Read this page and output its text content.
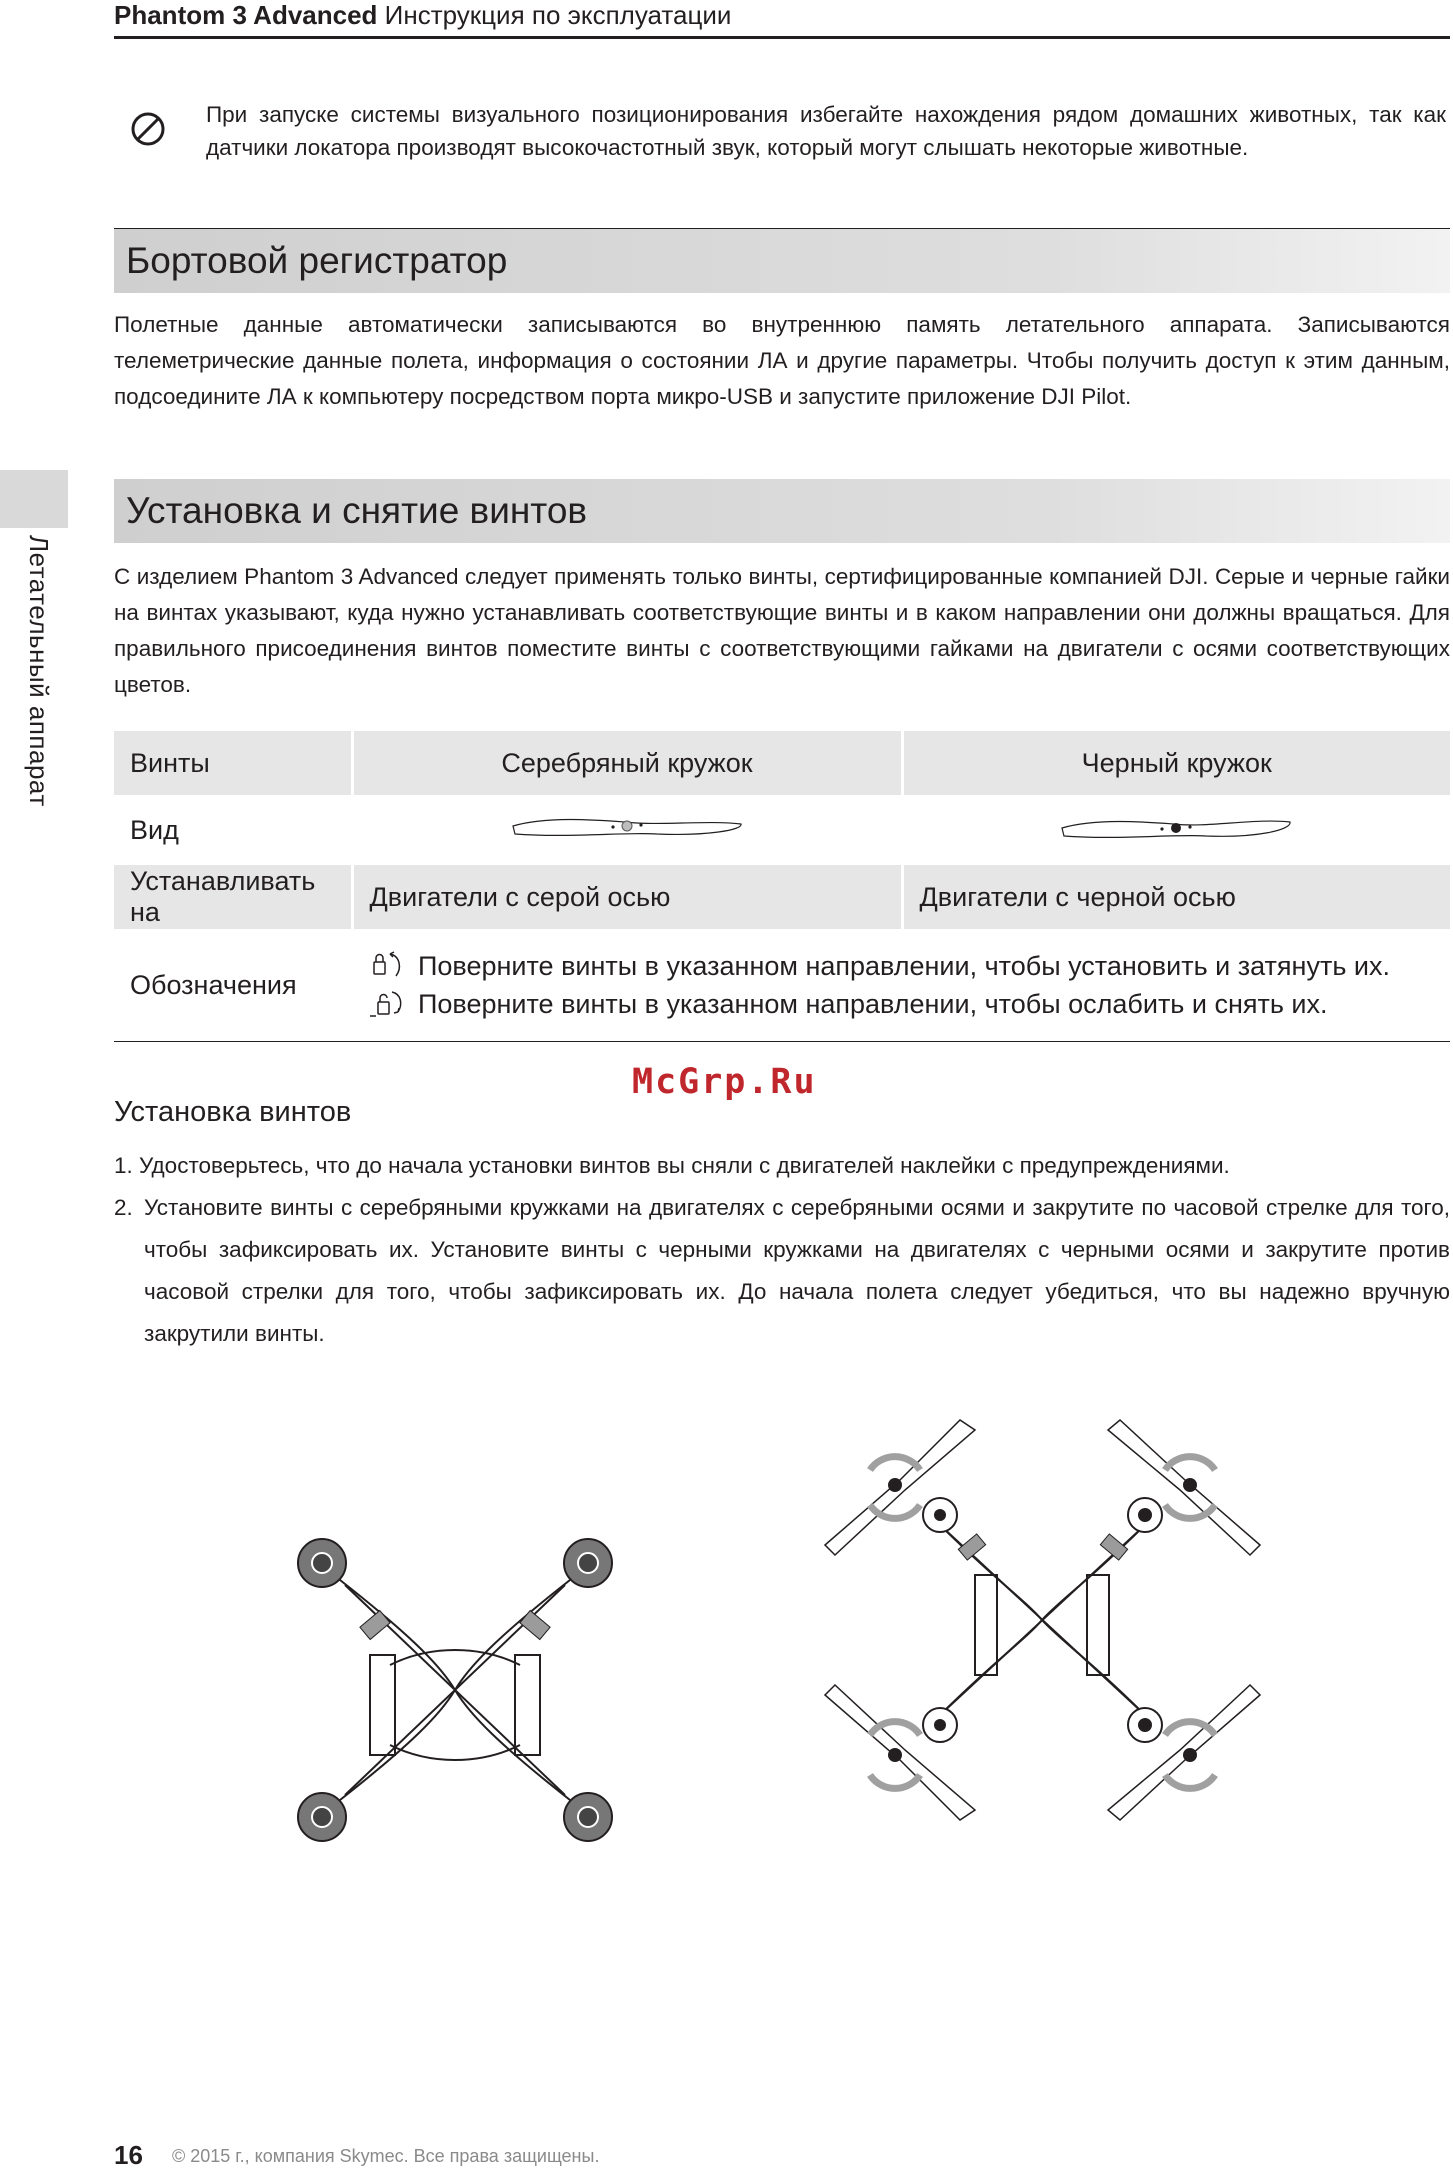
Phantom 3 Advanced Инструкция по эксплуатации
Летательный аппарат
При запуске системы визуального позиционирования избегайте нахождения рядом домашних животных, так как датчики локатора производят высокочастотный звук, который могут слышать некоторые животные.
Бортовой регистратор
Полетные данные автоматически записываются во внутреннюю память летательного аппарата. Записываются телеметрические данные полета, информация о состоянии ЛА и другие параметры. Чтобы получить доступ к этим данным, подсоедините ЛА к компьютеру посредством порта микро-USB и запустите приложение DJI Pilot.
Установка и снятие винтов
С изделием Phantom 3 Advanced следует применять только винты, сертифицированные компанией DJI. Серые и черные гайки на винтах указывают, куда нужно устанавливать соответствующие винты и в каком направлении они должны вращаться. Для правильного присоединения винтов поместите винты с соответствующими гайками на двигатели с осями соответствующих цветов.
Винты	Серебряный кружок	Черный кружок
Вид		
Устанавливать на	Двигатели с серой осью	Двигатели с черной осью
Обозначения	Поверните винты в указанном направлении, чтобы установить и затянуть их.
Поверните винты в указанном направлении, чтобы ослабить и снять их.	
McGrp.Ru
Установка винтов
1. Удостоверьтесь, что до начала установки винтов вы сняли с двигателей наклейки с предупреждениями.
2. Установите винты с серебряными кружками на двигателях с серебряными осями и закрутите по часовой стрелке для того, чтобы зафиксировать их. Установите винты с черными кружками на двигателях с черными осями и закрутите против часовой стрелки для того, чтобы зафиксировать их. До начала полета следует убедиться, что вы надежно вручную закрутили винты.
16 © 2015 г., компания Skymec. Все права защищены.
